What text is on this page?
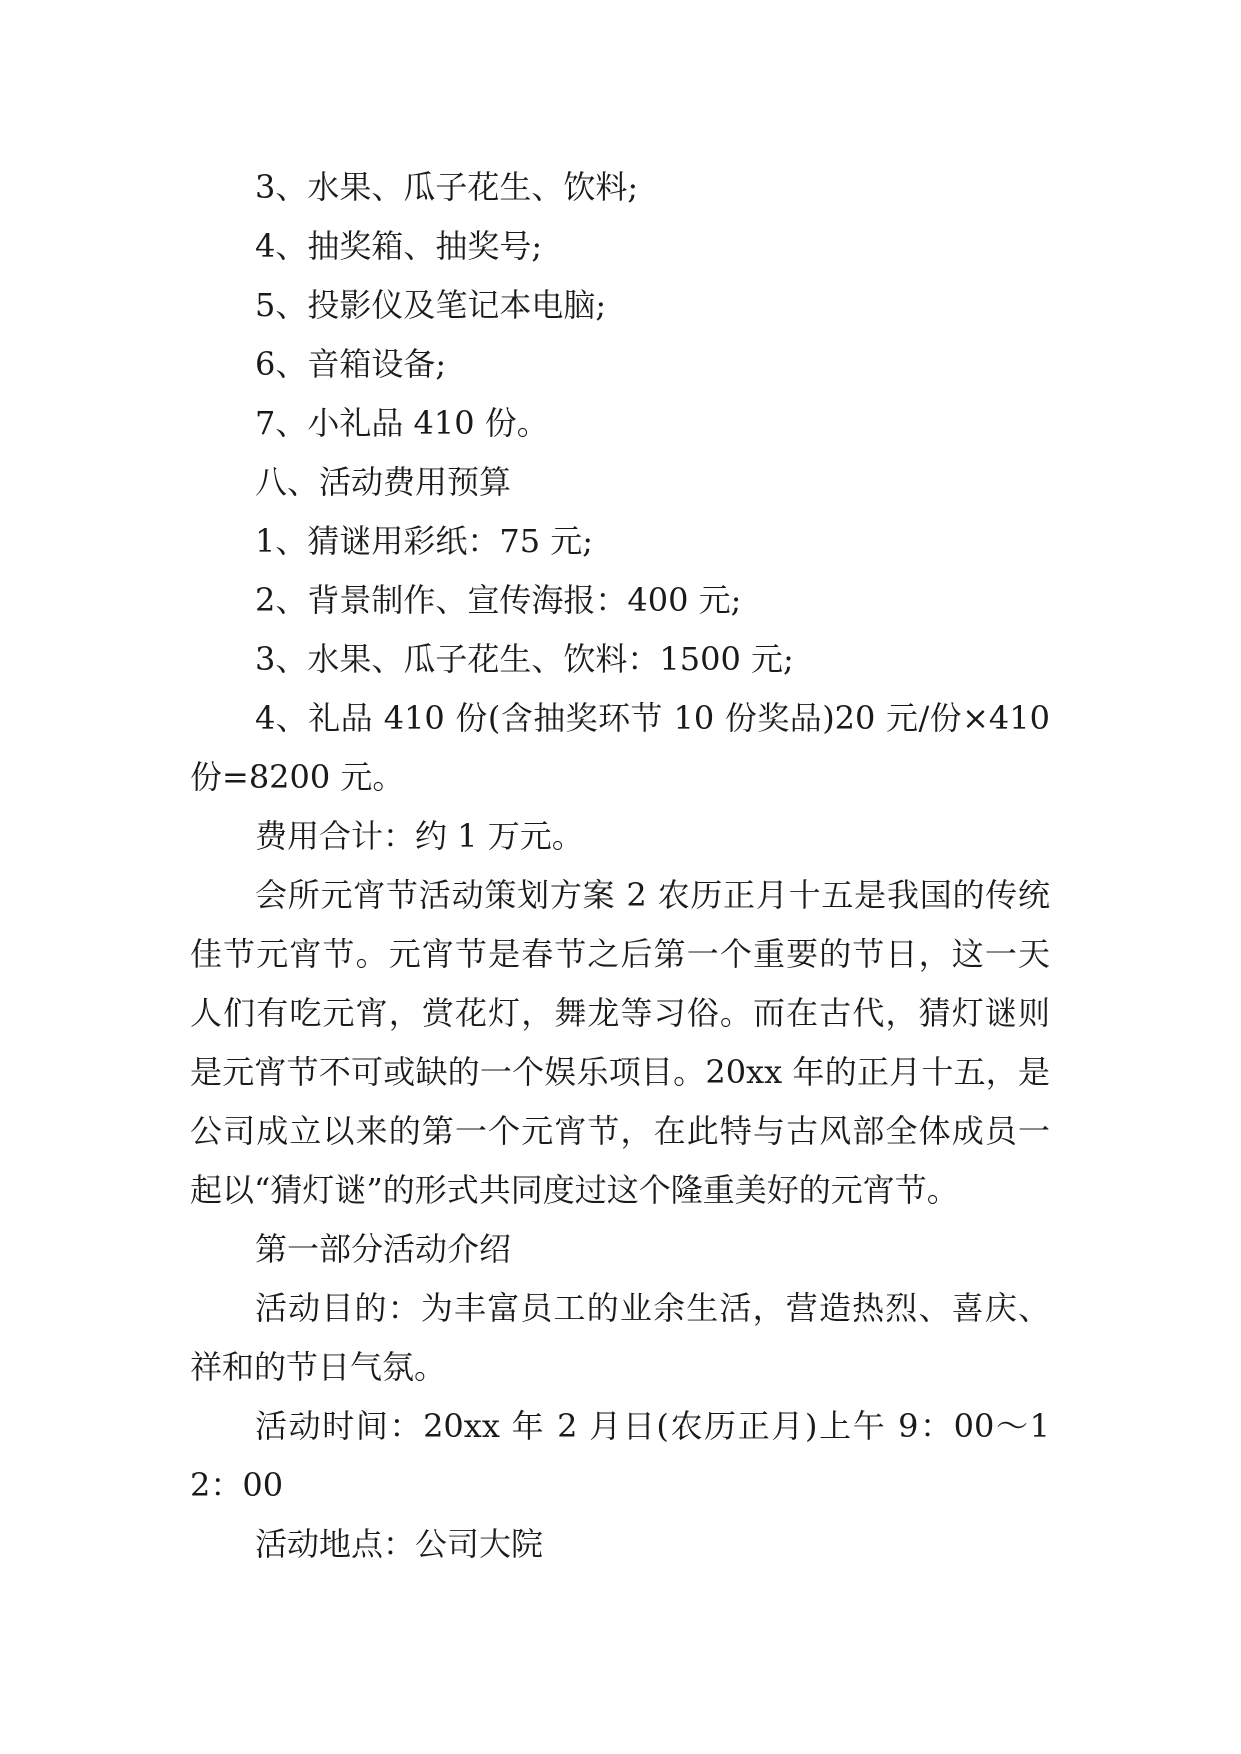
3、水果、瓜子花生、饮料;

4、抽奖箱、抽奖号;

5、投影仪及笔记本电脑;

6、音箱设备;

7、小礼品 410 份。

八、活动费用预算

1、猜谜用彩纸：75 元;

2、背景制作、宣传海报：400 元;

3、水果、瓜子花生、饮料：1500 元;

4、礼品 410 份(含抽奖环节 10 份奖品)20 元/份×410 份=8200 元。

费用合计：约 1 万元。

会所元宵节活动策划方案 2 农历正月十五是我国的传统佳节元宵节。元宵节是春节之后第一个重要的节日，这一天人们有吃元宵，赏花灯，舞龙等习俗。而在古代，猜灯谜则是元宵节不可或缺的一个娱乐项目。20xx 年的正月十五，是公司成立以来的第一个元宵节，在此特与古风部全体成员一起以“猜灯谜”的形式共同度过这个隆重美好的元宵节。

第一部分活动介绍

活动目的：为丰富员工的业余生活，营造热烈、喜庆、祥和的节日气氛。

活动时间：20xx 年 2 月日(农历正月)上午 9：00～12：00

活动地点：公司大院
